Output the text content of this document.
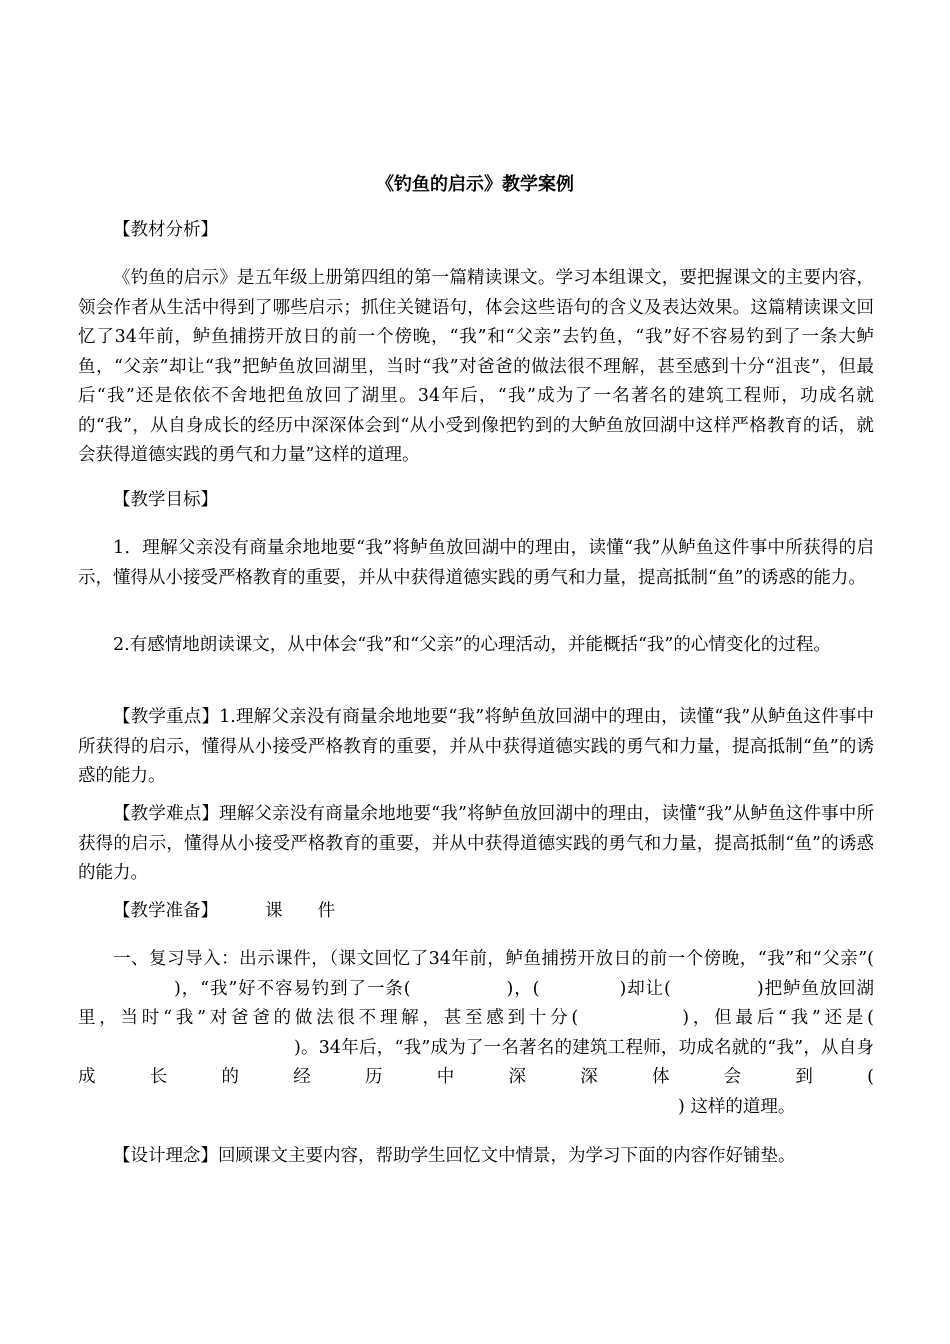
《钓鱼的启示》教学案例
【教材分析】
《钓鱼的启示》是五年级上册第四组的第一篇精读课文。学习本组课文，要把握课文的主要内容，领会作者从生活中得到了哪些启示；抓住关键语句，体会这些语句的含义及表达效果。这篇精读课文回忆了34年前，鲈鱼捕捞开放日的前一个傍晚，“我”和“父亲”去钓鱼，“我”好不容易钓到了一条大鲈鱼，“父亲”却让“我”把鲈鱼放回湖里，当时“我”对爸爸的做法很不理解，甚至感到十分“沮丧”，但最后“我”还是依依不舍地把鱼放回了湖里。34年后，“我”成为了一名著名的建筑工程师，功成名就的“我”，从自身成长的经历中深深体会到“从小受到像把钓到的大鲈鱼放回湖中这样严格教育的话，就会获得道德实践的勇气和力量”这样的道理。
【教学目标】
1．理解父亲没有商量余地地要“我”将鲈鱼放回湖中的理由，读懂“我”从鲈鱼这件事中所获得的启示，懂得从小接受严格教育的重要，并从中获得道德实践的勇气和力量，提高抵制“鱼”的诱惑的能力。
2.有感情地朗读课文，从中体会“我”和“父亲”的心理活动，并能概括“我”的心情变化的过程。
【教学重点】1.理解父亲没有商量余地地要“我”将鲈鱼放回湖中的理由，读懂“我”从鲈鱼这件事中所获得的启示，懂得从小接受严格教育的重要，并从中获得道德实践的勇气和力量，提高抵制“鱼”的诱惑的能力。
【教学难点】理解父亲没有商量余地地要“我”将鲈鱼放回湖中的理由，读懂“我”从鲈鱼这件事中所获得的启示，懂得从小接受严格教育的重要，并从中获得道德实践的勇气和力量，提高抵制“鱼”的诱惑的能力。
【教学准备】	课　　件
一、复习导入：出示课件，（课文回忆了34年前，鲈鱼捕捞开放日的前一个傍晚，“我”和“父亲”()，“我”好不容易钓到了一条(	)，(	)却让(	)把鲈鱼放回湖里，当时“我”对爸爸的做法很不理解，甚至感到十分(	)，但最后“我”还是()。34年后，“我”成为了一名著名的建筑工程师，功成名就的“我”，从自身成长的经历中深深体会到() 这样的道理。
【设计理念】回顾课文主要内容，帮助学生回忆文中情景，为学习下面的内容作好铺垫。
